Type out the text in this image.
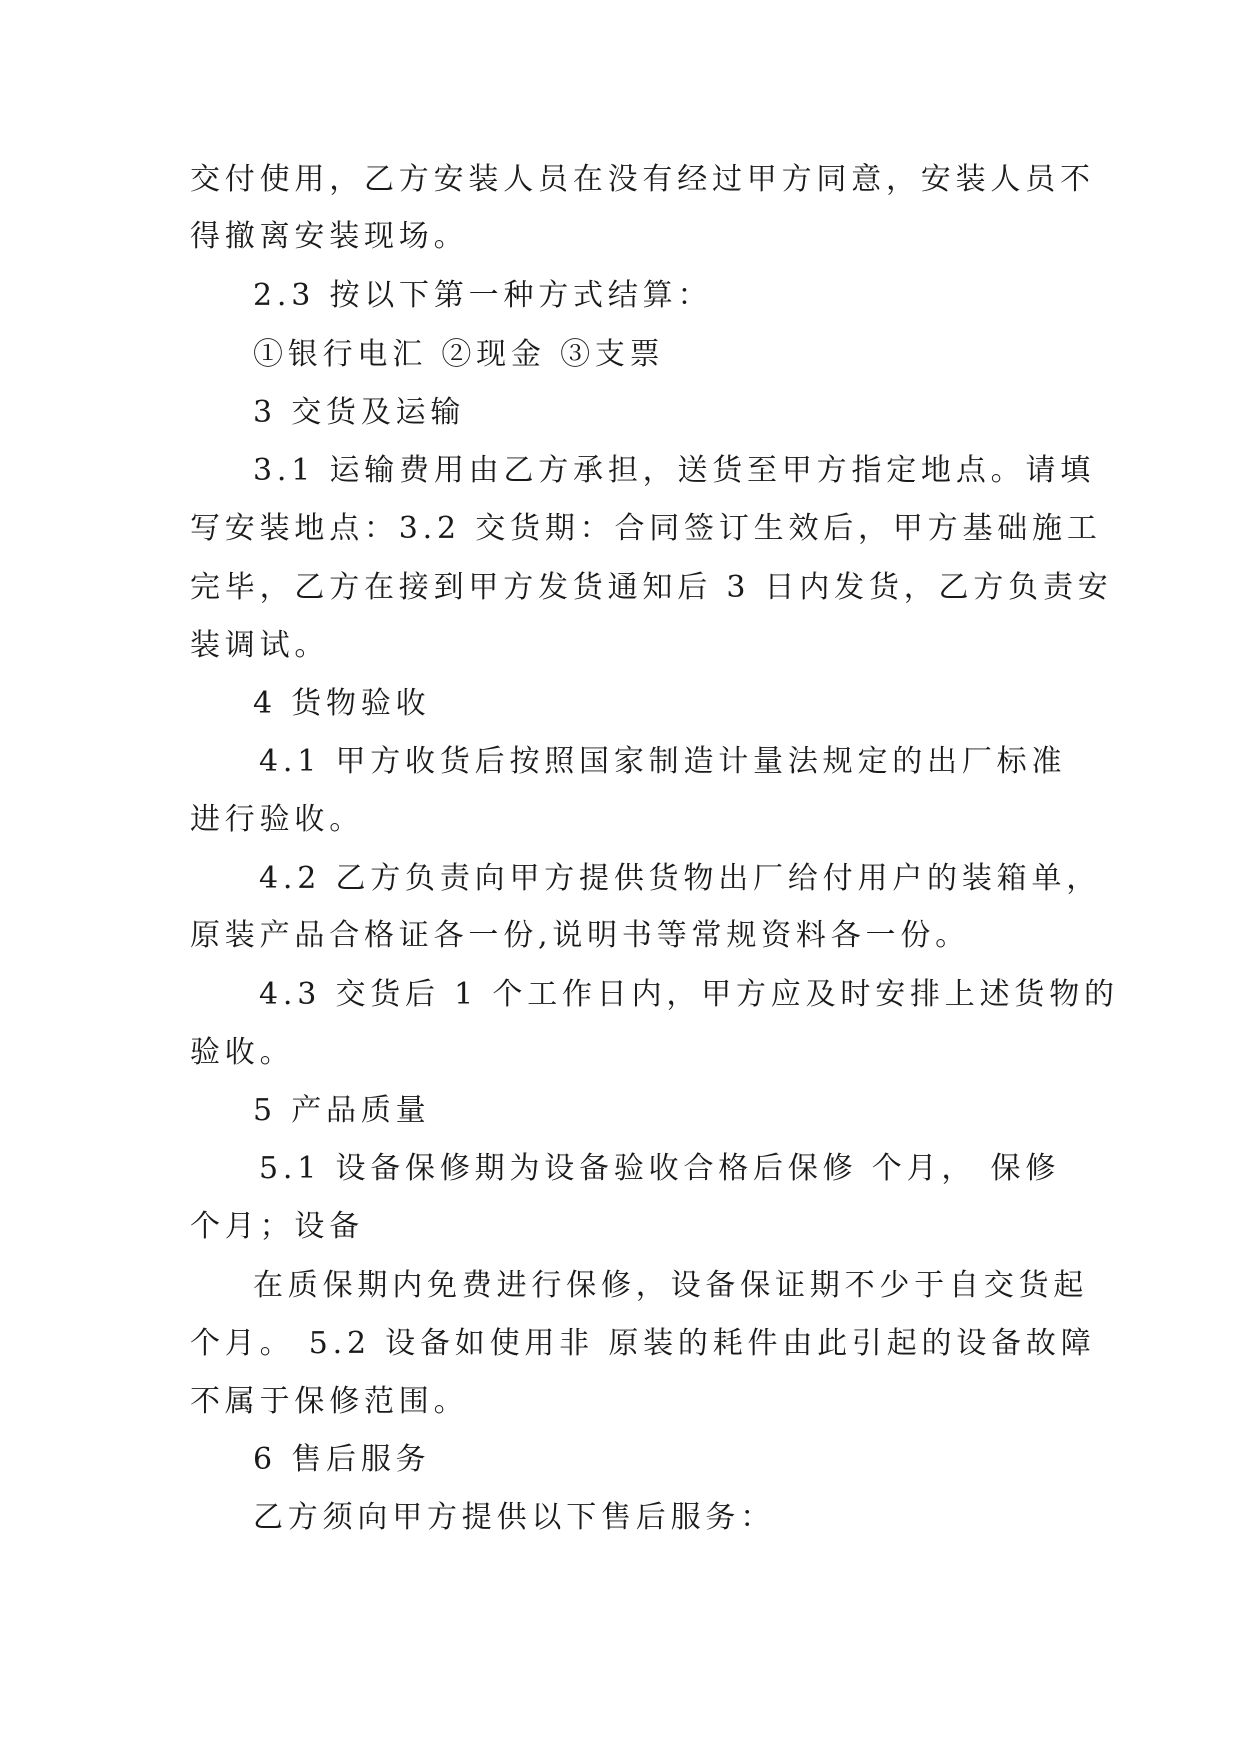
交付使用，乙方安装人员在没有经过甲方同意，安装人员不

得撤离安装现场。

2.3 按以下第一种方式结算：

①银行电汇 ②现金 ③支票

3 交货及运输

3.1 运输费用由乙方承担，送货至甲方指定地点。请填

写安装地点：3.2 交货期：合同签订生效后，甲方基础施工

完毕，乙方在接到甲方发货通知后 3 日内发货，乙方负责安

装调试。

4 货物验收

4.1 甲方收货后按照国家制造计量法规定的出厂标准

进行验收。

4.2 乙方负责向甲方提供货物出厂给付用户的装箱单，

原装产品合格证各一份,说明书等常规资料各一份。

4.3 交货后 1 个工作日内，甲方应及时安排上述货物的

验收。

5 产品质量

5.1 设备保修期为设备验收合格后保修 个月， 保修

个月；设备

在质保期内免费进行保修，设备保证期不少于自交货起

个月。 5.2 设备如使用非 原装的耗件由此引起的设备故障

不属于保修范围。

6 售后服务

乙方须向甲方提供以下售后服务：
